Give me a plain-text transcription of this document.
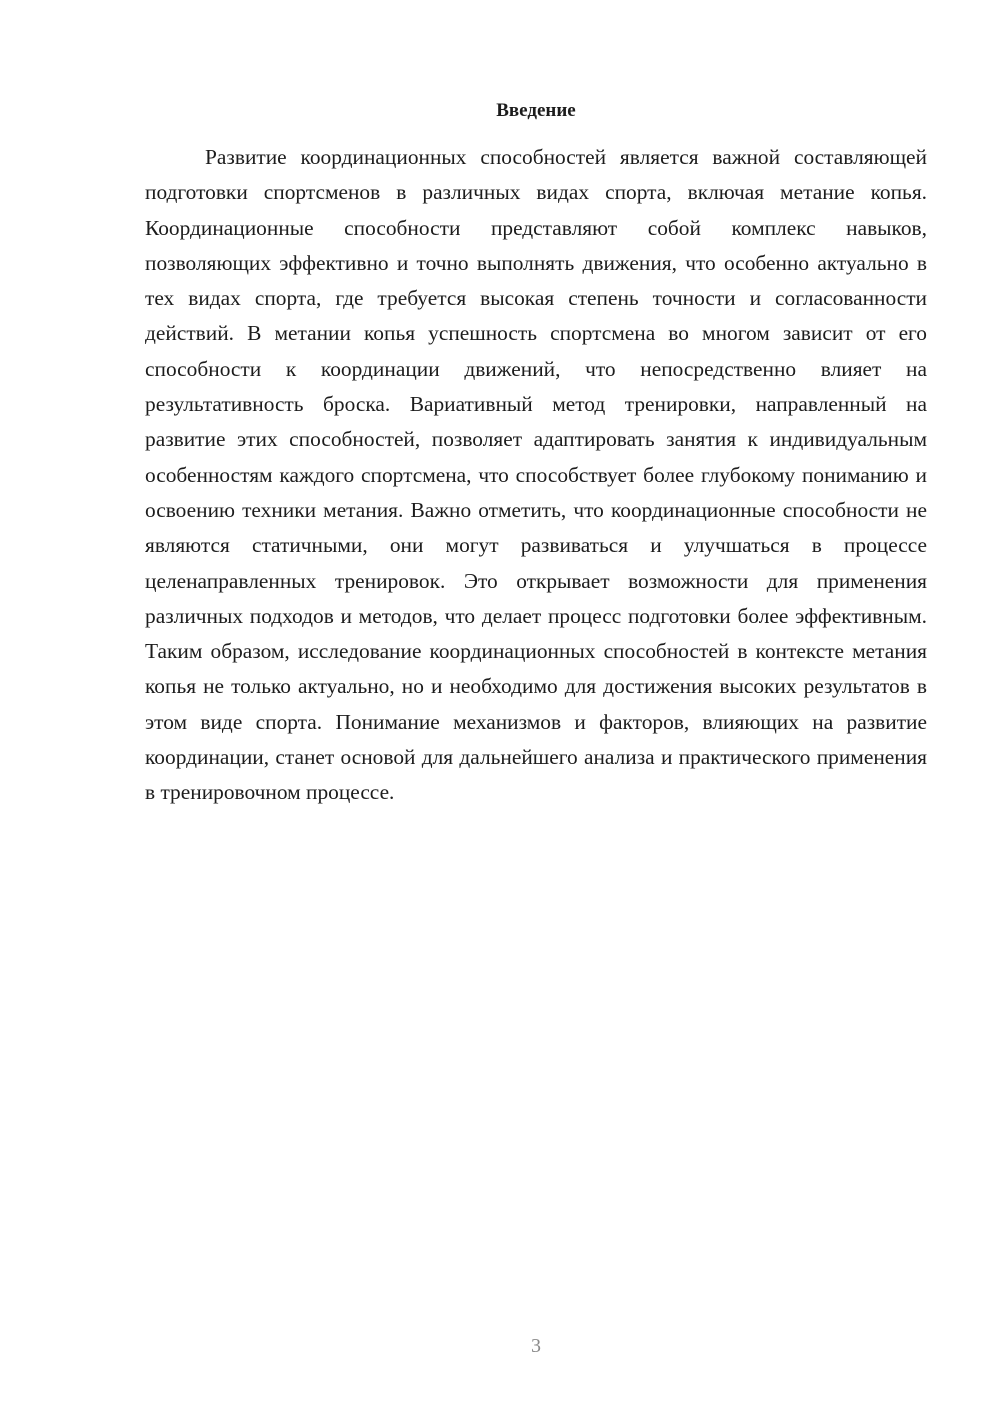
Введение

Развитие координационных способностей является важной составляющей подготовки спортсменов в различных видах спорта, включая метание копья. Координационные способности представляют собой комплекс навыков, позволяющих эффективно и точно выполнять движения, что особенно актуально в тех видах спорта, где требуется высокая степень точности и согласованности действий. В метании копья успешность спортсмена во многом зависит от его способности к координации движений, что непосредственно влияет на результативность броска. Вариативный метод тренировки, направленный на развитие этих способностей, позволяет адаптировать занятия к индивидуальным особенностям каждого спортсмена, что способствует более глубокому пониманию и освоению техники метания. Важно отметить, что координационные способности не являются статичными, они могут развиваться и улучшаться в процессе целенаправленных тренировок. Это открывает возможности для применения различных подходов и методов, что делает процесс подготовки более эффективным. Таким образом, исследование координационных способностей в контексте метания копья не только актуально, но и необходимо для достижения высоких результатов в этом виде спорта. Понимание механизмов и факторов, влияющих на развитие координации, станет основой для дальнейшего анализа и практического применения в тренировочном процессе.

3
